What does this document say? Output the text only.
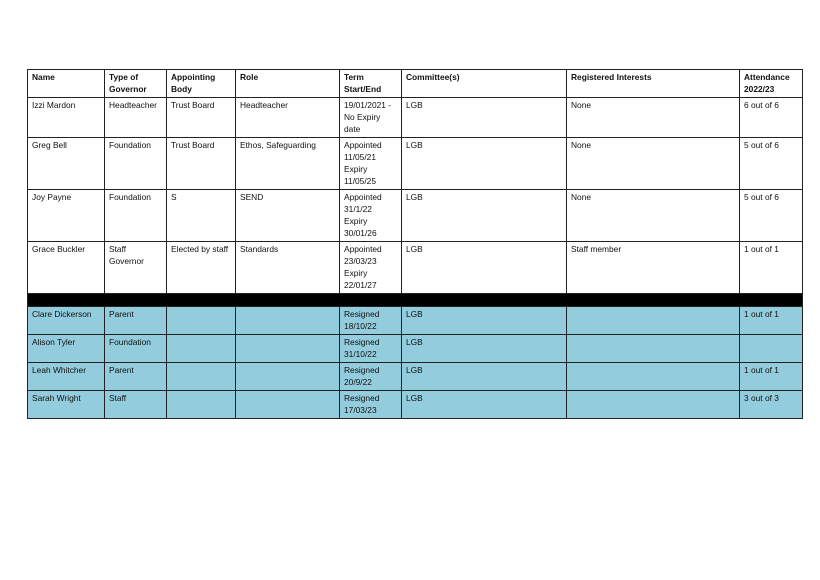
Name	Type of Governor	Appointing Body	Role	Term Start/End	Committee(s)	Registered Interests	Attendance 2022/23
Izzi Mardon	Headteacher	Trust Board	Headteacher	19/01/2021 - No Expiry date	LGB	None	6 out of 6
Greg Bell	Foundation	Trust Board	Ethos, Safeguarding	Appointed 11/05/21 Expiry 11/05/25	LGB	None	5 out of 6
Joy Payne	Foundation	S	SEND	Appointed 31/1/22 Expiry 30/01/26	LGB	None	5 out of 6
Grace Buckler	Staff Governor	Elected by staff	Standards	Appointed 23/03/23 Expiry 22/01/27	LGB	Staff member	1 out of 1

Clare Dickerson	Parent			Resigned 18/10/22	LGB		1 out of 1
Alison Tyler	Foundation			Resigned 31/10/22	LGB		
Leah Whitcher	Parent			Resigned 20/9/22	LGB		1 out of 1
Sarah Wright	Staff			Resigned 17/03/23	LGB		3 out of 3
